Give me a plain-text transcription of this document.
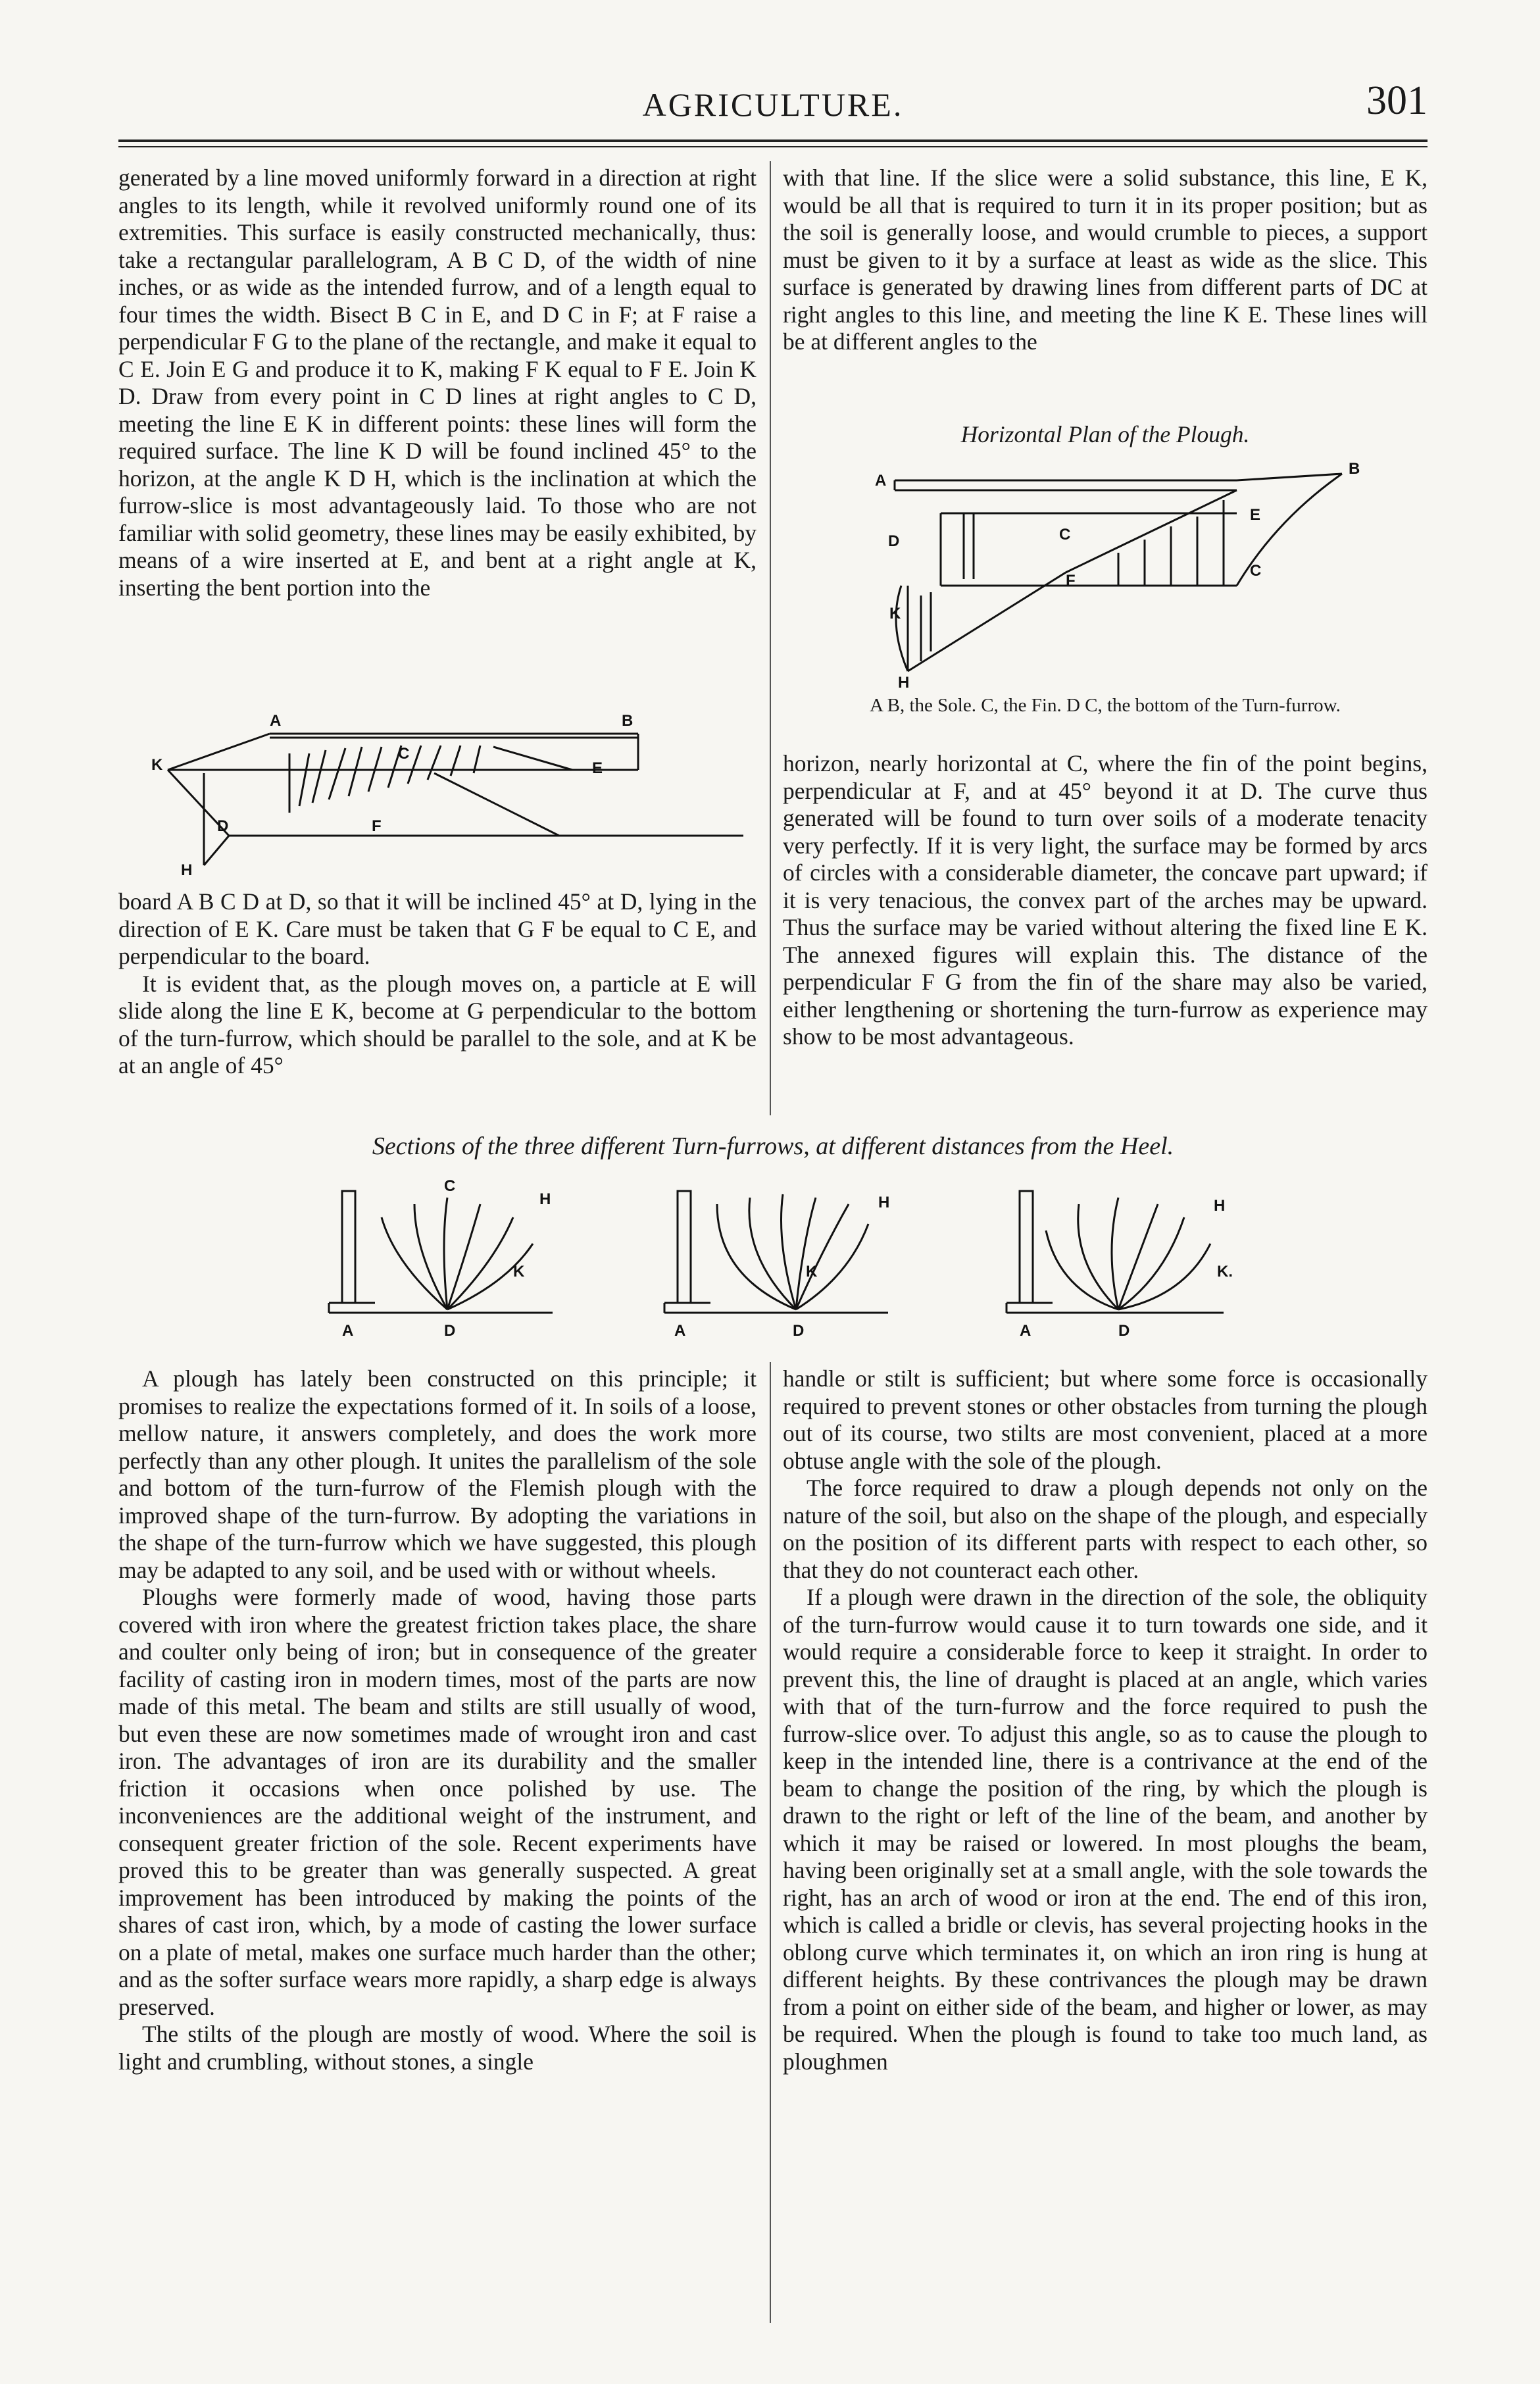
AGRICULTURE.	301

generated by a line moved uniformly forward in a direction at right angles to its length, while it revolved uniformly round one of its extremities. This surface is easily constructed mechanically, thus: take a rectangular parallelogram, A B C D, of the width of nine inches, or as wide as the intended furrow, and of a length equal to four times the width. Bisect B C in E, and D C in F; at F raise a perpendicular F G to the plane of the rectangle, and make it equal to C E. Join E G and produce it to K, making F K equal to F E. Join K D. Draw from every point in C D lines at right angles to C D, meeting the line E K in different points: these lines will form the required surface. The line K D will be found inclined 45° to the horizon, at the angle K D H, which is the inclination at which the furrow-slice is most advantageously laid. To those who are not familiar with solid geometry, these lines may be easily exhibited, by means of a wire inserted at E, and bent at a right angle at K, inserting the bent portion into the

A	B
C
K	E
D	F
H

board A B C D at D, so that it will be inclined 45° at D, lying in the direction of E K. Care must be taken that G F be equal to C E, and perpendicular to the board.

It is evident that, as the plough moves on, a particle at E will slide along the line E K, become at G perpendicular to the bottom of the turn-furrow, which should be parallel to the sole, and at K be at an angle of 45°

with that line. If the slice were a solid substance, this line, E K, would be all that is required to turn it in its proper position; but as the soil is generally loose, and would crumble to pieces, a support must be given to it by a surface at least as wide as the slice. This surface is generated by drawing lines from different parts of DC at right angles to this line, and meeting the line K E. These lines will be at different angles to the

Horizontal Plan of the Plough.
A
B
C
E
C
D
F
K
H
A B, the Sole. C, the Fin. D C, the bottom of the Turn-furrow.

horizon, nearly horizontal at C, where the fin of the point begins, perpendicular at F, and at 45° beyond it at D. The curve thus generated will be found to turn over soils of a moderate tenacity very perfectly. If it is very light, the surface may be formed by arcs of circles with a considerable diameter, the concave part upward; if it is very tenacious, the convex part of the arches may be upward. Thus the surface may be varied without altering the fixed line E K. The annexed figures will explain this. The distance of the perpendicular F G from the fin of the share may also be varied, either lengthening or shortening the turn-furrow as experience may show to be most advantageous.

Sections of the three different Turn-furrows, at different distances from the Heel.
C
H
K
A	D
H
K
A	D
H
K.
A	D

A plough has lately been constructed on this principle; it promises to realize the expectations formed of it. In soils of a loose, mellow nature, it answers completely, and does the work more perfectly than any other plough. It unites the parallelism of the sole and bottom of the turn-furrow of the Flemish plough with the improved shape of the turn-furrow. By adopting the variations in the shape of the turn-furrow which we have suggested, this plough may be adapted to any soil, and be used with or without wheels.

Ploughs were formerly made of wood, having those parts covered with iron where the greatest friction takes place, the share and coulter only being of iron; but in consequence of the greater facility of casting iron in modern times, most of the parts are now made of this metal. The beam and stilts are still usually of wood, but even these are now sometimes made of wrought iron and cast iron. The advantages of iron are its durability and the smaller friction it occasions when once polished by use. The inconveniences are the additional weight of the instrument, and consequent greater friction of the sole. Recent experiments have proved this to be greater than was generally suspected. A great improvement has been introduced by making the points of the shares of cast iron, which, by a mode of casting the lower surface on a plate of metal, makes one surface much harder than the other; and as the softer surface wears more rapidly, a sharp edge is always preserved.

The stilts of the plough are mostly of wood. Where the soil is light and crumbling, without stones, a single

handle or stilt is sufficient; but where some force is occasionally required to prevent stones or other obstacles from turning the plough out of its course, two stilts are most convenient, placed at a more obtuse angle with the sole of the plough.

The force required to draw a plough depends not only on the nature of the soil, but also on the shape of the plough, and especially on the position of its different parts with respect to each other, so that they do not counteract each other.

If a plough were drawn in the direction of the sole, the obliquity of the turn-furrow would cause it to turn towards one side, and it would require a considerable force to keep it straight. In order to prevent this, the line of draught is placed at an angle, which varies with that of the turn-furrow and the force required to push the furrow-slice over. To adjust this angle, so as to cause the plough to keep in the intended line, there is a contrivance at the end of the beam to change the position of the ring, by which the plough is drawn to the right or left of the line of the beam, and another by which it may be raised or lowered. In most ploughs the beam, having been originally set at a small angle, with the sole towards the right, has an arch of wood or iron at the end. The end of this iron, which is called a bridle or clevis, has several projecting hooks in the oblong curve which terminates it, on which an iron ring is hung at different heights. By these contrivances the plough may be drawn from a point on either side of the beam, and higher or lower, as may be required. When the plough is found to take too much land, as ploughmen
